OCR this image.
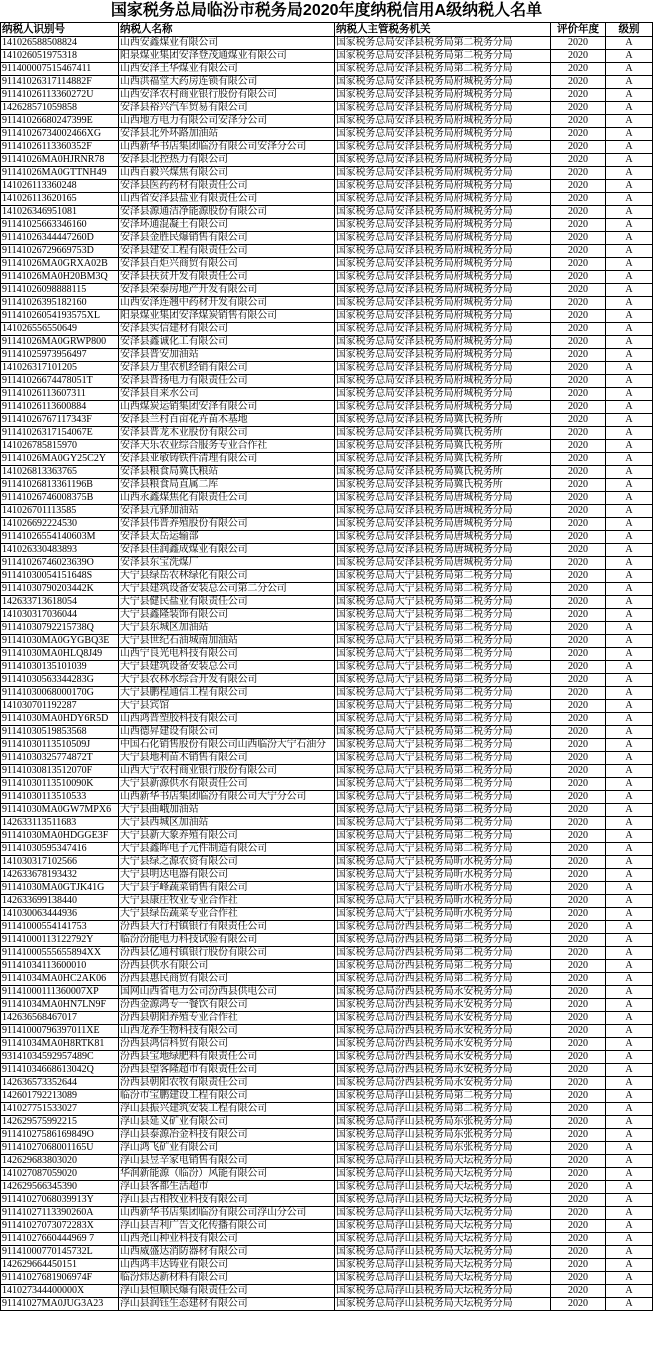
国家税务总局临汾市税务局2020年度纳税信用A级纳税人名单
纳税人识别号	纳税人名称	纳税人主管税务机关	评价年度	级别
141026588508824	山西安鑫煤业有限公司	国家税务总局安泽县税务局第二税务分局	2020	A
141026051975318	阳泉煤业集团安泽登茂通煤业有限公司	国家税务总局安泽县税务局第二税务分局	2020	A
911400007515467411	山西安泽王华煤业有限公司	国家税务总局安泽县税务局第二税务分局	2020	A
91141026317114882F	山西洪福堂大药房连锁有限公司	国家税务总局安泽县税务局府城税务分局	2020	A
91141026113360272U	山西安泽农村商业银行股份有限公司	国家税务总局安泽县税务局府城税务分局	2020	A
142628571059858	安泽县裕兴汽车贸易有限公司	国家税务总局安泽县税务局府城税务分局	2020	A
91141026680247399E	山西地方电力有限公司安泽分公司	国家税务总局安泽县税务局府城税务分局	2020	A
91141026734002466XG	安泽县北外环路加油站	国家税务总局安泽县税务局府城税务分局	2020	A
91141026113360352F	山西新华书店集团临汾有限公司安泽分公司	国家税务总局安泽县税务局府城税务分局	2020	A
91141026MA0HJRNR78	安泽县北控热力有限公司	国家税务总局安泽县税务局府城税务分局	2020	A
91141026MA0GTTNH49	山西百毅兴煤焦有限公司	国家税务总局安泽县税务局府城税务分局	2020	A
141026113360248	安泽县医药药材有限责任公司	国家税务总局安泽县税务局府城税务分局	2020	A
141026113620165	山西省安泽县盐业有限责任公司	国家税务总局安泽县税务局府城税务分局	2020	A
141026346951081	安泽县源通洁净能源股份有限公司	国家税务总局安泽县税务局府城税务分局	2020	A
91141025663346160	安泽环通混凝土有限公司	国家税务总局安泽县税务局府城税务分局	2020	A
91141026344447260D	安泽县金胜民爆销售有限公司	国家税务总局安泽县税务局府城税务分局	2020	A
91141026729669753D	安泽县建安工程有限责任公司	国家税务总局安泽县税务局府城税务分局	2020	A
91141026MA0GRXA02B	安泽县百炬兴商贸有限公司	国家税务总局安泽县税务局府城税务分局	2020	A
91141026MA0H20BM3Q	安泽县扶贫开发有限责任公司	国家税务总局安泽县税务局府城税务分局	2020	A
91141026098888115	安泽县荣泰房地产开发有限公司	国家税务总局安泽县税务局府城税务分局	2020	A
91141026395182160	山西安泽连翘中药材开发有限公司	国家税务总局安泽县税务局府城税务分局	2020	A
91141026054193575XL	阳泉煤业集团安泽煤炭销售有限公司	国家税务总局安泽县税务局府城税务分局	2020	A
141026556550649	安泽县实信建材有限公司	国家税务总局安泽县税务局府城税务分局	2020	A
91141026MA0GRWP800	安泽县鑫诚化工有限公司	国家税务总局安泽县税务局府城税务分局	2020	A
91141025973956497	安泽县晋安加油站	国家税务总局安泽县税务局府城税务分局	2020	A
141026317101205	安泽县万里农机经销有限公司	国家税务总局安泽县税务局府城税务分局	2020	A
91141026674478051T	安泽县晋扬电力有限责任公司	国家税务总局安泽县税务局府城税务分局	2020	A
91141026113607311	安泽县自来水公司	国家税务总局安泽县税务局府城税务分局	2020	A
91141026113600884	山西煤炭运销集团安泽有限公司	国家税务总局安泽县税务局府城税务分局	2020	A
91141026767117343F	安泽县兰村百亩花卉苗木基地	国家税务总局安泽县税务局冀氏税务所	2020	A
91141026317154067E	安泽县晋龙木业股份有限公司	国家税务总局安泽县税务局冀氏税务所	2020	A
141026785815970	安泽天乐农业综合服务专业合作社	国家税务总局安泽县税务局冀氏税务所	2020	A
91141026MA0GY25C2Y	安泽县亚敏铸铁件清理有限公司	国家税务总局安泽县税务局冀氏税务所	2020	A
141026813363765	安泽县粮食局冀氏粮站	国家税务总局安泽县税务局冀氏税务所	2020	A
91141026813361196B	安泽县粮食局直属二库	国家税务总局安泽县税务局冀氏税务所	2020	A
91141026746008375B	山西永鑫煤焦化有限责任公司	国家税务总局安泽县税务局唐城税务分局	2020	A
141026701113585	安泽县亢驿加油站	国家税务总局安泽县税务局唐城税务分局	2020	A
141026692224530	安泽县伟晋养殖股份有限公司	国家税务总局安泽县税务局唐城税务分局	2020	A
91141026554140603M	安泽县太岳运输部	国家税务总局安泽县税务局唐城税务分局	2020	A
141026330483893	安泽县佳润鑫成煤业有限公司	国家税务总局安泽县税务局唐城税务分局	2020	A
91141026746023639O	安泽县东宝洗煤厂	国家税务总局安泽县税务局唐城税务分局	2020	A
91141030054151648S	大宁县绿岳农林绿化有限公司	国家税务总局大宁县税务局第二税务分局	2020	A
91141030790203442K	大宁县建筑设备安装总公司第二分公司	国家税务总局大宁县税务局第二税务分局	2020	A
142633713618054	大宁县健民盐业有限责任公司	国家税务总局大宁县税务局第二税务分局	2020	A
141030317036044	大宁县鑫隆装饰有限公司	国家税务总局大宁县税务局第二税务分局	2020	A
91141030792215738Q	大宁县东城区加油站	国家税务总局大宁县税务局第二税务分局	2020	A
91141030MA0GYGBQ3E	大宁县世纪石油城南加油站	国家税务总局大宁县税务局第二税务分局	2020	A
91141030MA0HLQ8J49	山西宁良光电科技有限公司	国家税务总局大宁县税务局第二税务分局	2020	A
91141030135101039	大宁县建筑设备安装总公司	国家税务总局大宁县税务局第二税务分局	2020	A
91141030563344283G	大宁县农林水综合开发有限公司	国家税务总局大宁县税务局第二税务分局	2020	A
91141030068000170G	大宁县鹏程通信工程有限公司	国家税务总局大宁县税务局第二税务分局	2020	A
141030701192287	大宁县宾馆	国家税务总局大宁县税务局第二税务分局	2020	A
91141030MA0HDY6R5D	山西鸿晋塑胶科技有限公司	国家税务总局大宁县税务局第二税务分局	2020	A
91141030519853568	山西德昇建设有限公司	国家税务总局大宁县税务局第二税务分局	2020	A
91141030113510509J	中国石化销售股份有限公司山西临汾大宁石油分	国家税务总局大宁县税务局第二税务分局	2020	A
91141030325774872T	大宁县地利苗木销售有限公司	国家税务总局大宁县税务局第二税务分局	2020	A
91141030813512070F	山西大宁农村商业银行股份有限公司	国家税务总局大宁县税务局第二税务分局	2020	A
91141030113510090K	大宁县新源供水有限责任公司	国家税务总局大宁县税务局第二税务分局	2020	A
91141030113510533	山西新华书店集团临汾有限公司大宁分公司	国家税务总局大宁县税务局第二税务分局	2020	A
91141030MA0GW7MPX6	大宁县曲峨加油站	国家税务总局大宁县税务局第二税务分局	2020	A
142633113511683	大宁县西城区加油站	国家税务总局大宁县税务局第二税务分局	2020	A
91141030MA0HDGGE3F	大宁县新大象养殖有限公司	国家税务总局大宁县税务局第二税务分局	2020	A
91141030595347416	大宁县鑫晖电子元件制造有限公司	国家税务总局大宁县税务局第二税务分局	2020	A
141030317102566	大宁县绿之源农资有限公司	国家税务总局大宁县税务局昕水税务分局	2020	A
142633678193432	大宁县明达电器有限公司	国家税务总局大宁县税务局昕水税务分局	2020	A
91141030MA0GTJK41G	大宁县宇峰蔬菜销售有限公司	国家税务总局大宁县税务局昕水税务分局	2020	A
142633699138440	大宁县康庄牧业专业合作社	国家税务总局大宁县税务局昕水税务分局	2020	A
141030063444936	大宁县绿岳蔬菜专业合作社	国家税务总局大宁县税务局昕水税务分局	2020	A
91141000554141753	汾西县大行村镇银行有限责任公司	国家税务总局汾西县税务局第二税务分局	2020	A
91141000113122792Y	临汾汾能电力科技试验有限公司	国家税务总局汾西县税务局第二税务分局	2020	A
91141000555655894XX	汾西县亿通村镇银行股份有限公司	国家税务总局汾西县税务局第二税务分局	2020	A
91141034113600010	汾西县供水有限公司	国家税务总局汾西县税务局第二税务分局	2020	A
91141034MA0HC2AK06	汾西县惠民商贸有限公司	国家税务总局汾西县税务局第二税务分局	2020	A
91141000111360007XP	国网山西省电力公司汾西县供电公司	国家税务总局汾西县税务局永安税务分局	2020	A
91141034MA0HN7LN9F	汾西金源鸿专一餐饮有限公司	国家税务总局汾西县税务局永安税务分局	2020	A
142636568467017	汾西县朝阳养殖专业合作社	国家税务总局汾西县税务局永安税务分局	2020	A
91141000796397011XE	山西龙养生物科技有限公司	国家税务总局汾西县税务局永安税务分局	2020	A
91141034MA0H8RTK81	汾西县鸿信科贸有限公司	国家税务总局汾西县税务局永安税务分局	2020	A
93141034592957489C	汾西县宝地绿肥料有限责任公司	国家税务总局汾西县税务局永安税务分局	2020	A
91141034668613042Q	汾西县望客隆超市有限责任公司	国家税务总局汾西县税务局永安税务分局	2020	A
142636573352644	汾西县朝阳农牧有限责任公司	国家税务总局汾西县税务局永安税务分局	2020	A
142601792213089	临汾市宝鹏建设工程有限公司	国家税务总局浮山县税务局第二税务分局	2020	A
141027751533027	浮山县振兴建筑安装工程有限公司	国家税务总局浮山县税务局第二税务分局	2020	A
142629575992215	浮山县延义矿业有限公司	国家税务总局浮山县税务局东张税务分局	2020	A
91141027586169849O	浮山县泰源冶金科技有限公司	国家税务总局浮山县税务局东张税务分局	2020	A
91141027068001165U	浮山鸿飞矿业有限公司	国家税务总局浮山县税务局东张税务分局	2020	A
142629683803020	浮山县昱辛家电销售有限公司	国家税务总局浮山县税务局天坛税务分局	2020	A
141027087059020	华润新能源（临汾）风能有限公司	国家税务总局浮山县税务局天坛税务分局	2020	A
142629566345390	浮山县客都生活超市	国家税务总局浮山县税务局天坛税务分局	2020	A
91141027068039913Y	浮山县古相牧业科技有限公司	国家税务总局浮山县税务局天坛税务分局	2020	A
91141027113390260A	山西新华书店集团临汾有限公司浮山分公司	国家税务总局浮山县税务局天坛税务分局	2020	A
91141027073072283X	浮山县吉利广告文化传播有限公司	国家税务总局浮山县税务局天坛税务分局	2020	A
91141027660444969 7	山西尧山种业科技有限公司	国家税务总局浮山县税务局天坛税务分局	2020	A
91141000770145732L	山西威盛达消防器材有限公司	国家税务总局浮山县税务局天坛税务分局	2020	A
142629664450151	山西鸿丰达铸业有限公司	国家税务总局浮山县税务局天坛税务分局	2020	A
91141027681906974F	临汾炜达新材料有限公司	国家税务总局浮山县税务局天坛税务分局	2020	A
141027344400000X	浮山县恒顺民爆有限责任公司	国家税务总局浮山县税务局天坛税务分局	2020	A
91141027MA0JUG3A23	浮山县润钰生态建材有限公司	国家税务总局浮山县税务局天坛税务分局	2020	A
